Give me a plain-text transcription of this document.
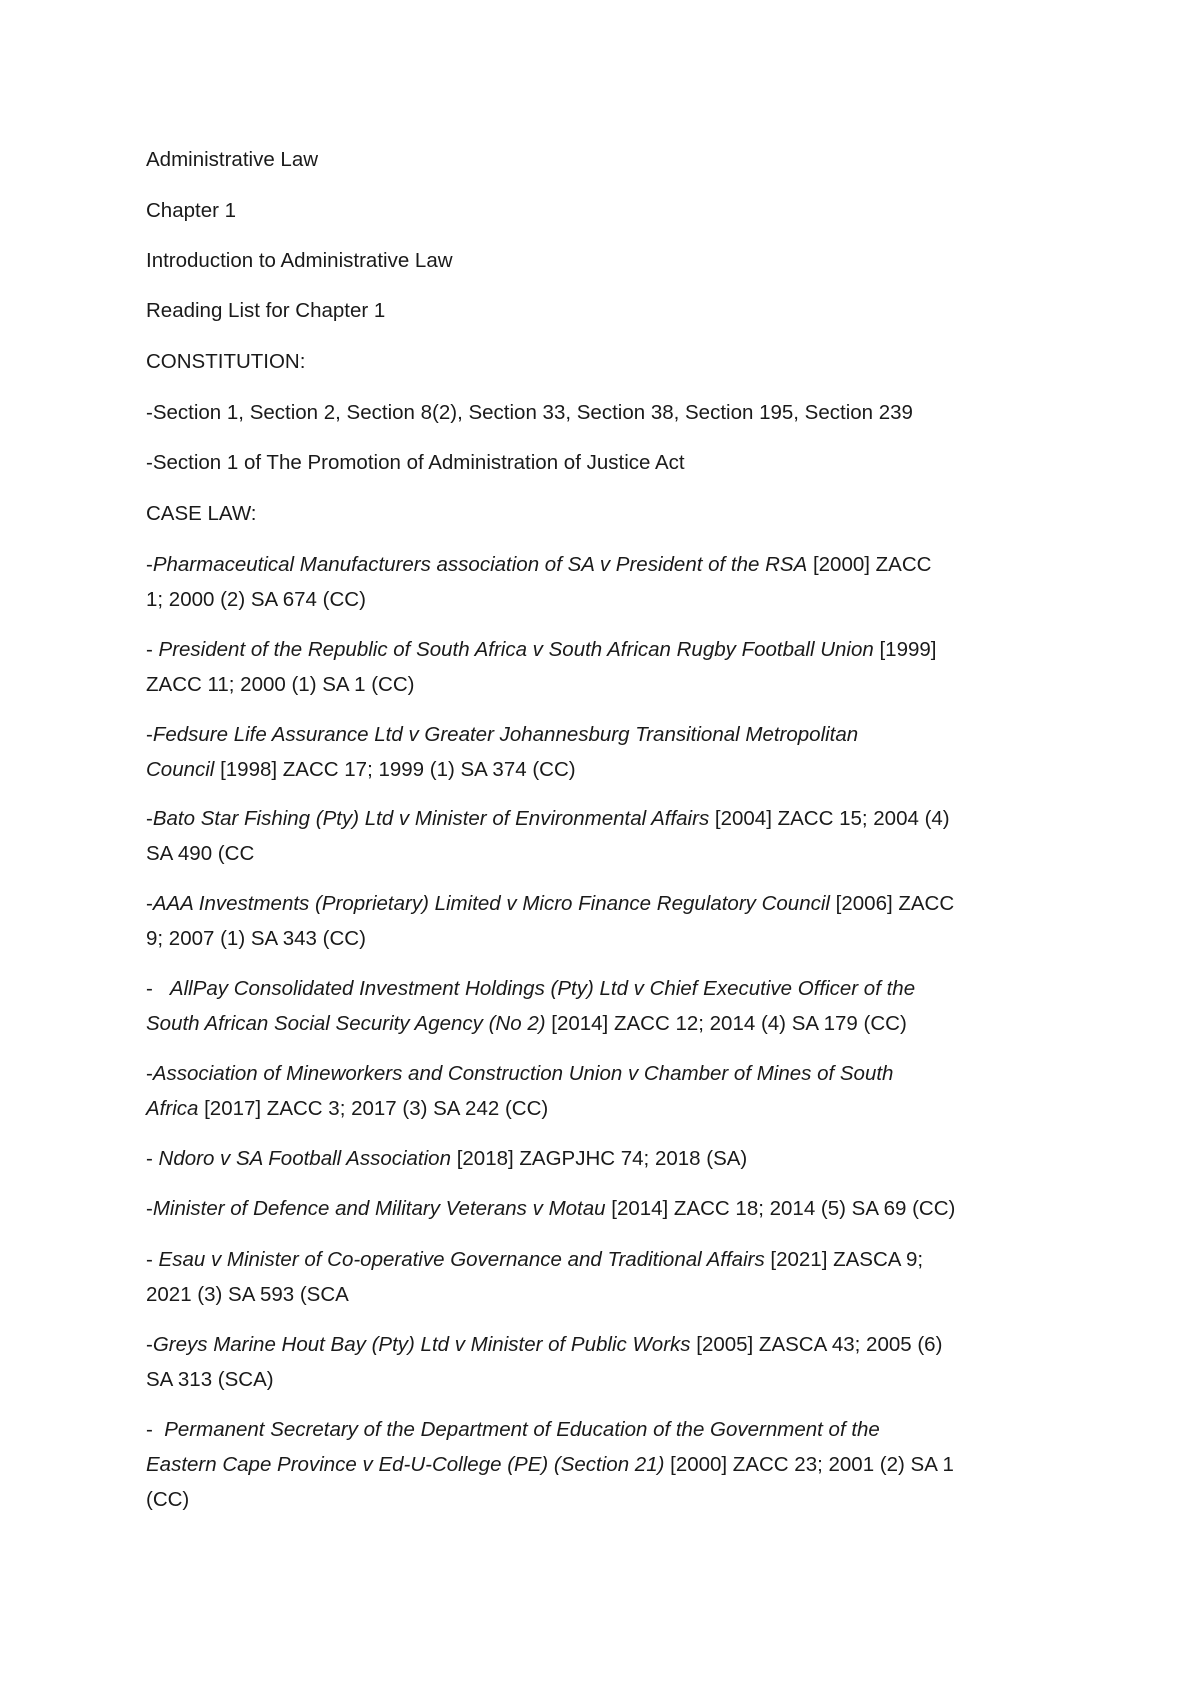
Administrative Law
Chapter 1
Introduction to Administrative Law
Reading List for Chapter 1
CONSTITUTION:
-Section 1, Section 2, Section 8(2), Section 33, Section 38, Section 195, Section 239
-Section 1 of The Promotion of Administration of Justice Act
CASE LAW:
-Pharmaceutical Manufacturers association of SA v President of the RSA [2000] ZACC
1; 2000 (2) SA 674 (CC)
- President of the Republic of South Africa v South African Rugby Football Union [1999]
ZACC 11; 2000 (1) SA 1 (CC)
-Fedsure Life Assurance Ltd v Greater Johannesburg Transitional Metropolitan
Council [1998] ZACC 17; 1999 (1) SA 374 (CC)
-Bato Star Fishing (Pty) Ltd v Minister of Environmental Affairs [2004] ZACC 15; 2004 (4)
SA 490 (CC
-AAA Investments (Proprietary) Limited v Micro Finance Regulatory Council [2006] ZACC
9; 2007 (1) SA 343 (CC)
-   AllPay Consolidated Investment Holdings (Pty) Ltd v Chief Executive Officer of the
South African Social Security Agency (No 2) [2014] ZACC 12; 2014 (4) SA 179 (CC)
-Association of Mineworkers and Construction Union v Chamber of Mines of South
Africa [2017] ZACC 3; 2017 (3) SA 242 (CC)
- Ndoro v SA Football Association [2018] ZAGPJHC 74; 2018 (SA)
-Minister of Defence and Military Veterans v Motau [2014] ZACC 18; 2014 (5) SA 69 (CC)
- Esau v Minister of Co-operative Governance and Traditional Affairs [2021] ZASCA 9;
2021 (3) SA 593 (SCA
-Greys Marine Hout Bay (Pty) Ltd v Minister of Public Works [2005] ZASCA 43; 2005 (6)
SA 313 (SCA)
-  Permanent Secretary of the Department of Education of the Government of the
Eastern Cape Province v Ed-U-College (PE) (Section 21) [2000] ZACC 23; 2001 (2) SA 1
(CC)
